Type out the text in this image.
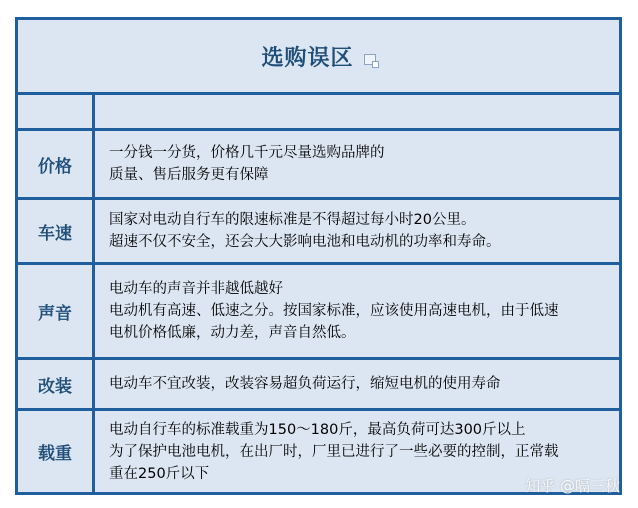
选购误区
价格
一分钱一分货，价格几千元尽量选购品牌的
质量、售后服务更有保障
车速
国家对电动自行车的限速标准是不得超过每小时20公里。
超速不仅不安全，还会大大影响电池和电动机的功率和寿命。
声音
电动车的声音并非越低越好
电动机有高速、低速之分。按国家标准，应该使用高速电机，由于低速
电机价格低廉，动力差，声音自然低。
改装	电动车不宜改装，改装容易超负荷运行，缩短电机的使用寿命
载重
电动自行车的标准载重为150～180斤，最高负荷可达300斤以上
为了保护电池电机，在出厂时，厂里已进行了一些必要的控制，正常载
重在250斤以下
知乎 @嗝三秋
